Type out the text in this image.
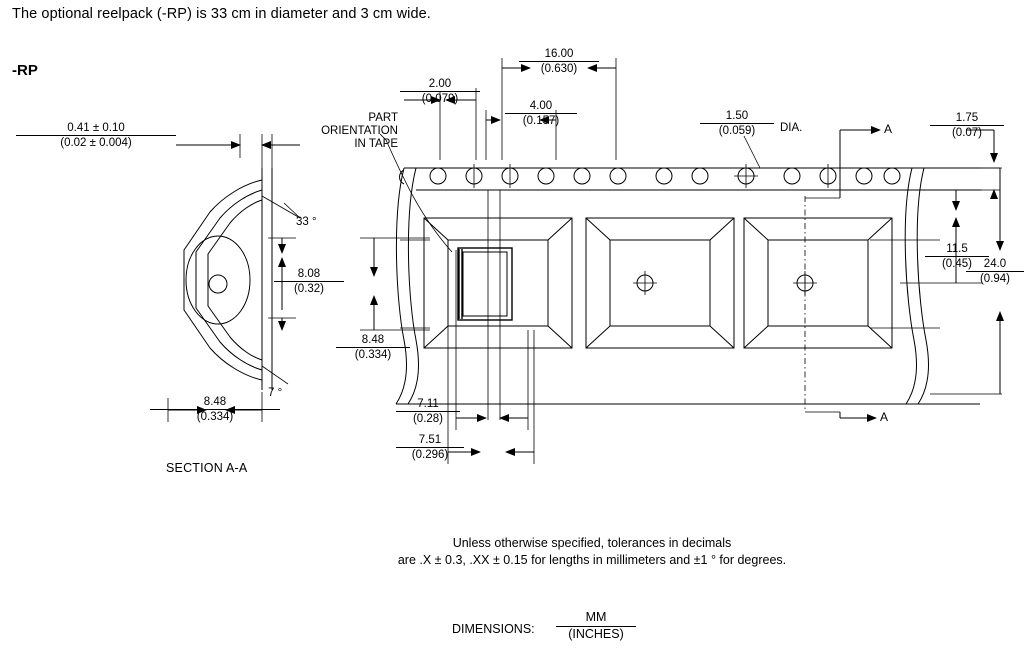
The optional reelpack (-RP) is 33 cm in diameter and 3 cm wide.
-RP
33 °
7 °
PART
ORIENTATION
IN TAPE
0.41 ± 0.10
(0.02 ± 0.004)
8.48
(0.334)
8.08
(0.32)
8.48
(0.334)
2.00
(0.079)
16.00
(0.630)
4.00
(0.157)	1.50
(0.059)	DIA.	A
A
1.75
(0.07)
11.5
(0.45)	24.0
(0.94)
7.11
(0.28)
7.51
(0.296)
SECTION A-A
Unless otherwise specified, tolerances in decimals
are .X ± 0.3, .XX ± 0.15 for lengths in millimeters and ±1 ° for degrees.
DIMENSIONS:
MM
(INCHES)
